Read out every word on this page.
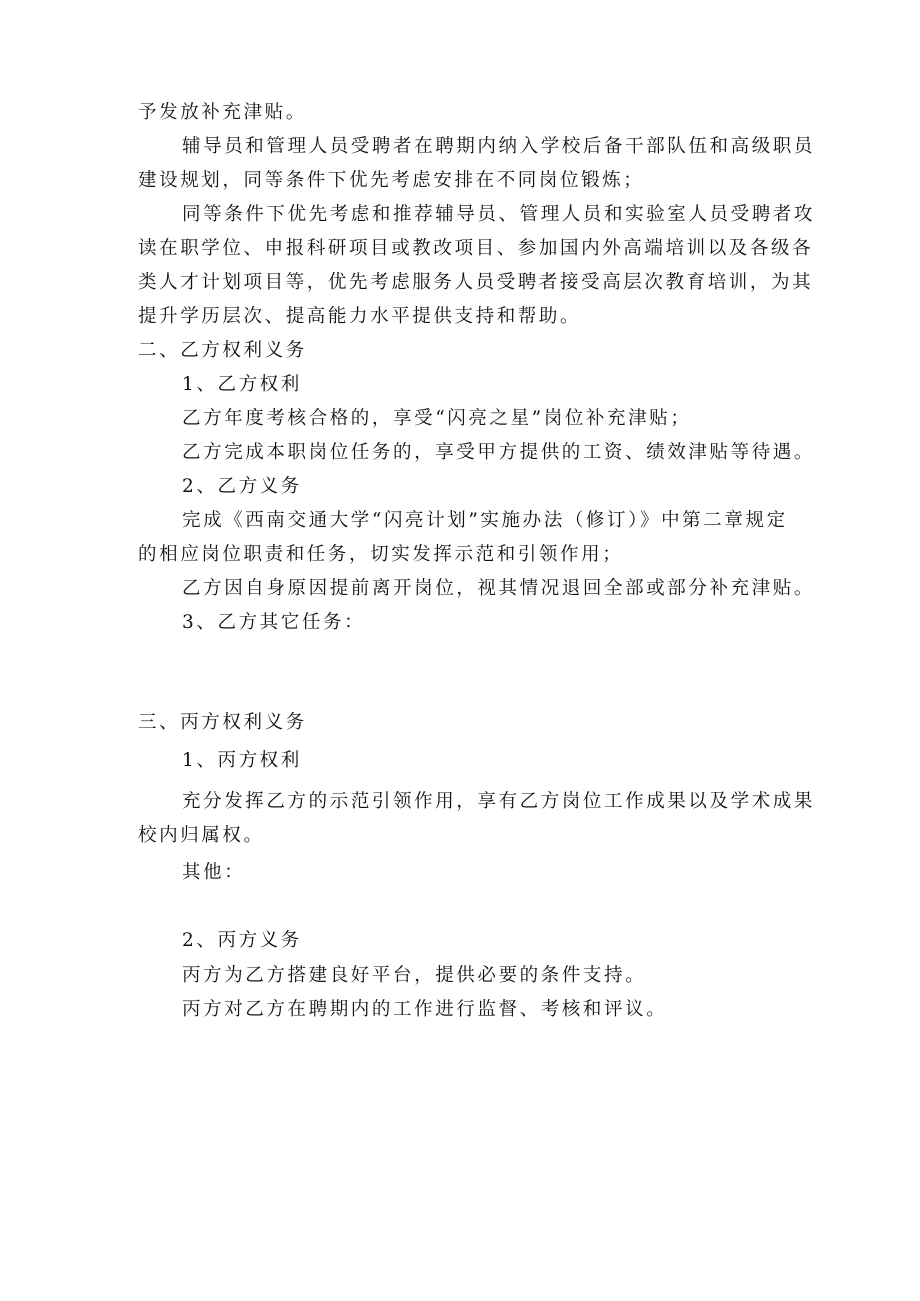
予发放补充津贴。
辅导员和管理人员受聘者在聘期内纳入学校后备干部队伍和高级职员
建设规划，同等条件下优先考虑安排在不同岗位锻炼；
同等条件下优先考虑和推荐辅导员、管理人员和实验室人员受聘者攻
读在职学位、申报科研项目或教改项目、参加国内外高端培训以及各级各
类人才计划项目等，优先考虑服务人员受聘者接受高层次教育培训，为其
提升学历层次、提高能力水平提供支持和帮助。
二、乙方权利义务
1、乙方权利
乙方年度考核合格的，享受“闪亮之星”岗位补充津贴；
乙方完成本职岗位任务的，享受甲方提供的工资、绩效津贴等待遇。
2、乙方义务
完成《西南交通大学“闪亮计划”实施办法（修订）》中第二章规定
的相应岗位职责和任务，切实发挥示范和引领作用；
乙方因自身原因提前离开岗位，视其情况退回全部或部分补充津贴。
3、乙方其它任务：
三、丙方权利义务
1、丙方权利
充分发挥乙方的示范引领作用，享有乙方岗位工作成果以及学术成果
校内归属权。
其他：
2、丙方义务
丙方为乙方搭建良好平台，提供必要的条件支持。
丙方对乙方在聘期内的工作进行监督、考核和评议。
